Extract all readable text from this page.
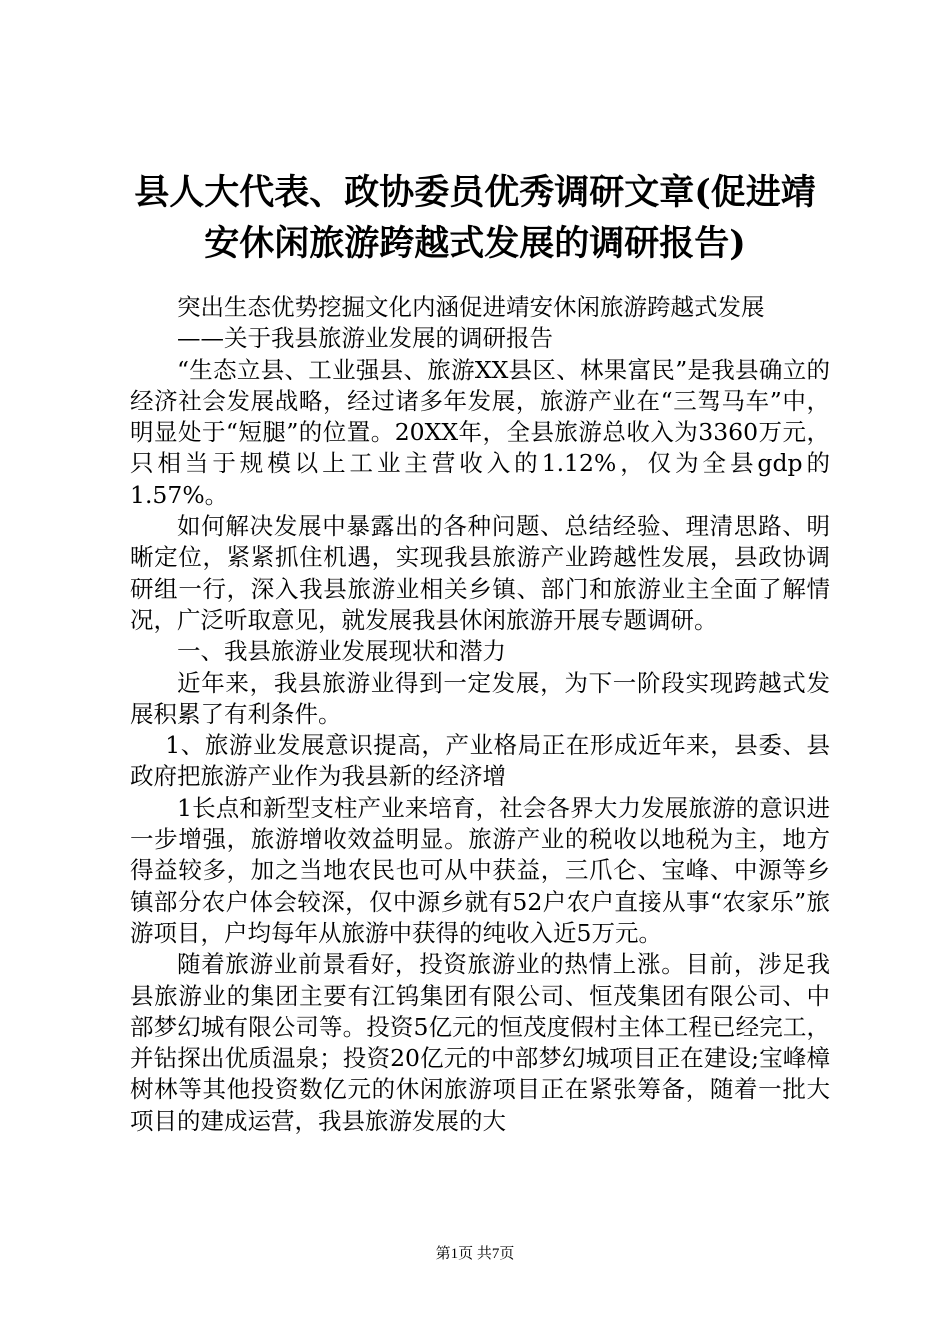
县人大代表、政协委员优秀调研文章(促进靖
安休闲旅游跨越式发展的调研报告)

突出生态优势挖掘文化内涵促进靖安休闲旅游跨越式发展

——关于我县旅游业发展的调研报告

“生态立县、工业强县、旅游XX县区、林果富民”是我县确立的经济社会发展战略，经过诸多年发展，旅游产业在“三驾马车”中，明显处于“短腿”的位置。20XX年，全县旅游总收入为3360万元，只相当于规模以上工业主营收入的1.12%，仅为全县gdp的1.57%。

如何解决发展中暴露出的各种问题、总结经验、理清思路、明晰定位，紧紧抓住机遇，实现我县旅游产业跨越性发展，县政协调研组一行，深入我县旅游业相关乡镇、部门和旅游业主全面了解情况，广泛听取意见，就发展我县休闲旅游开展专题调研。

一、我县旅游业发展现状和潜力

近年来，我县旅游业得到一定发展，为下一阶段实现跨越式发展积累了有利条件。

1、旅游业发展意识提高，产业格局正在形成近年来，县委、县政府把旅游产业作为我县新的经济增

1长点和新型支柱产业来培育，社会各界大力发展旅游的意识进一步增强，旅游增收效益明显。旅游产业的税收以地税为主，地方得益较多，加之当地农民也可从中获益，三爪仑、宝峰、中源等乡镇部分农户体会较深，仅中源乡就有52户农户直接从事“农家乐”旅游项目，户均每年从旅游中获得的纯收入近5万元。

随着旅游业前景看好，投资旅游业的热情上涨。目前，涉足我县旅游业的集团主要有江钨集团有限公司、恒茂集团有限公司、中部梦幻城有限公司等。投资5亿元的恒茂度假村主体工程已经完工，并钻探出优质温泉；投资20亿元的中部梦幻城项目正在建设;宝峰樟树林等其他投资数亿元的休闲旅游项目正在紧张筹备，随着一批大项目的建成运营，我县旅游发展的大

第1页 共7页
